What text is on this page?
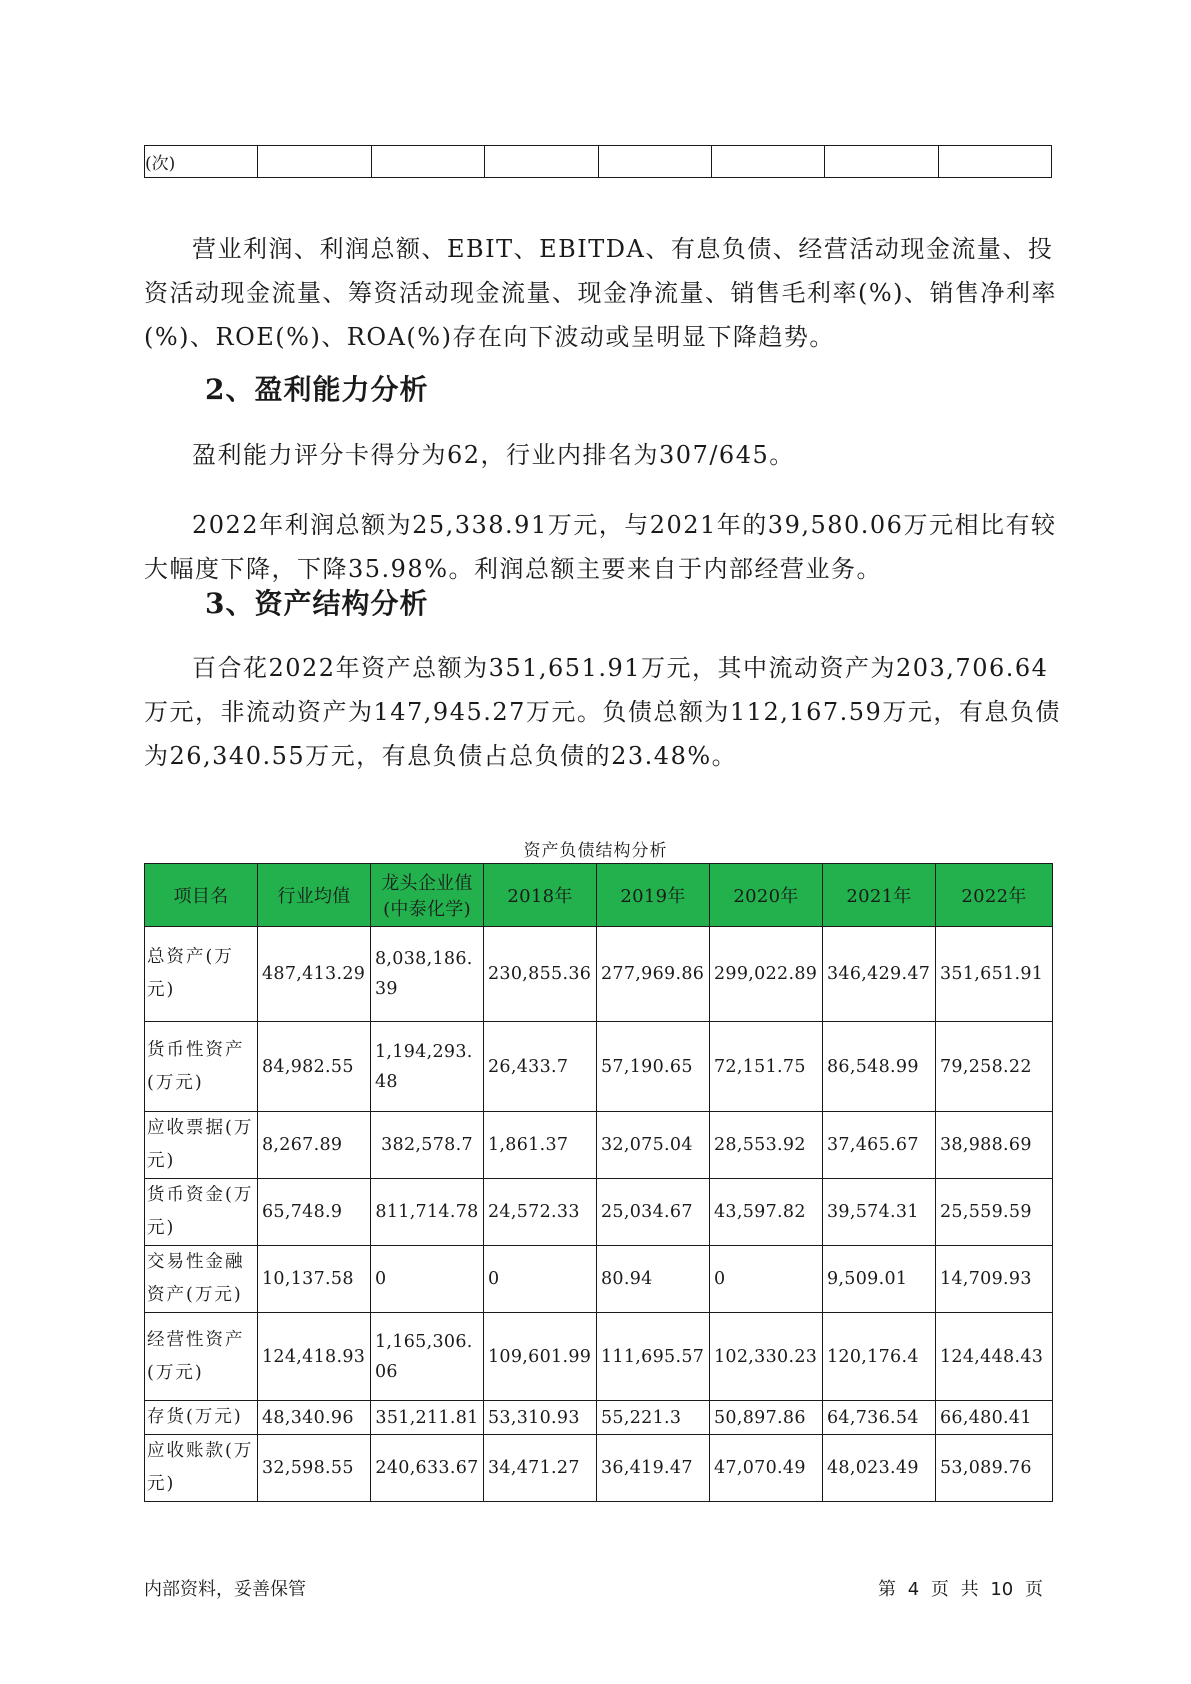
(次)							

营业利润、利润总额、EBIT、EBITDA、有息负债、经营活动现金流量、投资活动现金流量、筹资活动现金流量、现金净流量、销售毛利率(%)、销售净利率(%)、ROE(%)、ROA(%)存在向下波动或呈明显下降趋势。

2、盈利能力分析

盈利能力评分卡得分为62，行业内排名为307/645。

2022年利润总额为25,338.91万元，与2021年的39,580.06万元相比有较大幅度下降，下降35.98%。利润总额主要来自于内部经营业务。

3、资产结构分析

百合花2022年资产总额为351,651.91万元，其中流动资产为203,706.64万元，非流动资产为147,945.27万元。负债总额为112,167.59万元，有息负债为26,340.55万元，有息负债占总负债的23.48%。

资产负债结构分析
项目名	行业均值	龙头企业值(中泰化学)	2018年	2019年	2020年	2021年	2022年
总资产(万元)	487,413.29	8,038,186.39	230,855.36	277,969.86	299,022.89	346,429.47	351,651.91
货币性资产(万元)	84,982.55	1,194,293.48	26,433.7	57,190.65	72,151.75	86,548.99	79,258.22
应收票据(万元)	8,267.89	382,578.7	1,861.37	32,075.04	28,553.92	37,465.67	38,988.69
货币资金(万元)	65,748.9	811,714.78	24,572.33	25,034.67	43,597.82	39,574.31	25,559.59
交易性金融资产(万元)	10,137.58	0	0	80.94	0	9,509.01	14,709.93
经营性资产(万元)	124,418.93	1,165,306.06	109,601.99	111,695.57	102,330.23	120,176.4	124,448.43
存货(万元)	48,340.96	351,211.81	53,310.93	55,221.3	50,897.86	64,736.54	66,480.41
应收账款(万元)	32,598.55	240,633.67	34,471.27	36,419.47	47,070.49	48,023.49	53,089.76
内部资料，妥善保管	第 4 页 共 10 页
